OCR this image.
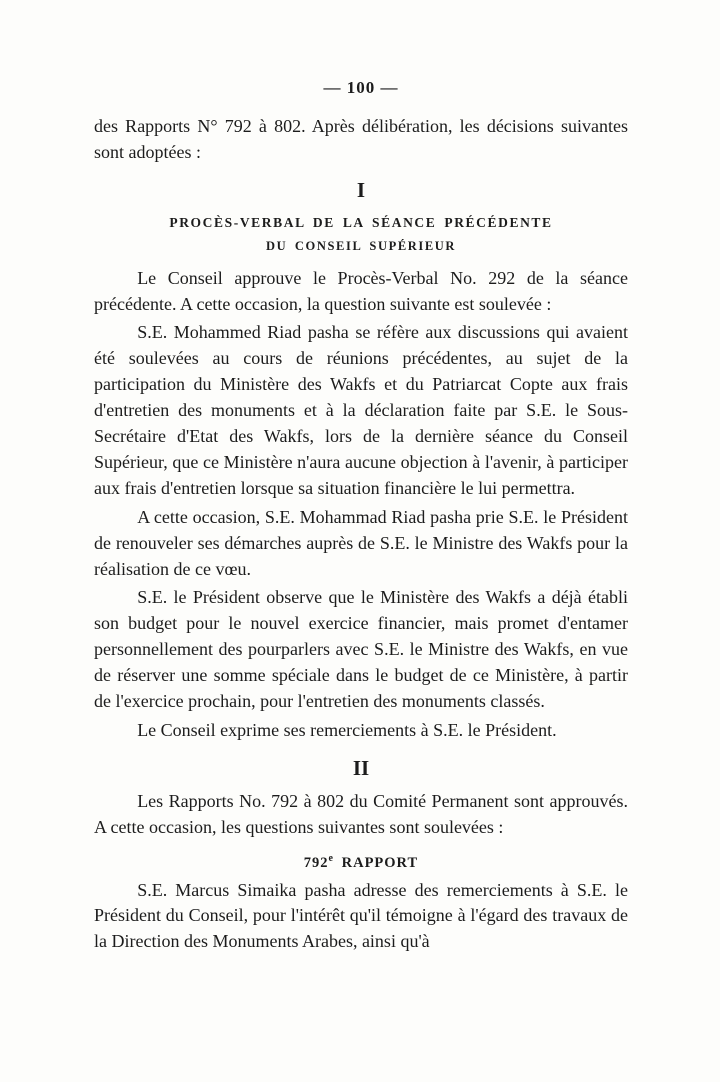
— 100 —

des Rapports N° 792 à 802. Après délibération, les décisions suivantes sont adoptées :

I
PROCÈS-VERBAL DE LA SÉANCE PRÉCÉDENTE
DU CONSEIL SUPÉRIEUR

Le Conseil approuve le Procès-Verbal No. 292 de la séance précédente. A cette occasion, la question suivante est soulevée :

S.E. Mohammed Riad pasha se réfère aux discussions qui avaient été soulevées au cours de réunions précédentes, au sujet de la participation du Ministère des Wakfs et du Patriarcat Copte aux frais d'entretien des monuments et à la déclaration faite par S.E. le Sous-Secrétaire d'Etat des Wakfs, lors de la dernière séance du Conseil Supérieur, que ce Ministère n'aura aucune objection à l'avenir, à participer aux frais d'entretien lorsque sa situation financière le lui permettra.

A cette occasion, S.E. Mohammad Riad pasha prie S.E. le Président de renouveler ses démarches auprès de S.E. le Ministre des Wakfs pour la réalisation de ce vœu.

S.E. le Président observe que le Ministère des Wakfs a déjà établi son budget pour le nouvel exercice financier, mais promet d'entamer personnellement des pourparlers avec S.E. le Ministre des Wakfs, en vue de réserver une somme spéciale dans le budget de ce Ministère, à partir de l'exercice prochain, pour l'entretien des monuments classés.

Le Conseil exprime ses remerciements à S.E. le Président.

II

Les Rapports No. 792 à 802 du Comité Permanent sont approuvés. A cette occasion, les questions suivantes sont soulevées :

792e RAPPORT

S.E. Marcus Simaika pasha adresse des remerciements à S.E. le Président du Conseil, pour l'intérêt qu'il témoigne à l'égard des travaux de la Direction des Monuments Arabes, ainsi qu'à
